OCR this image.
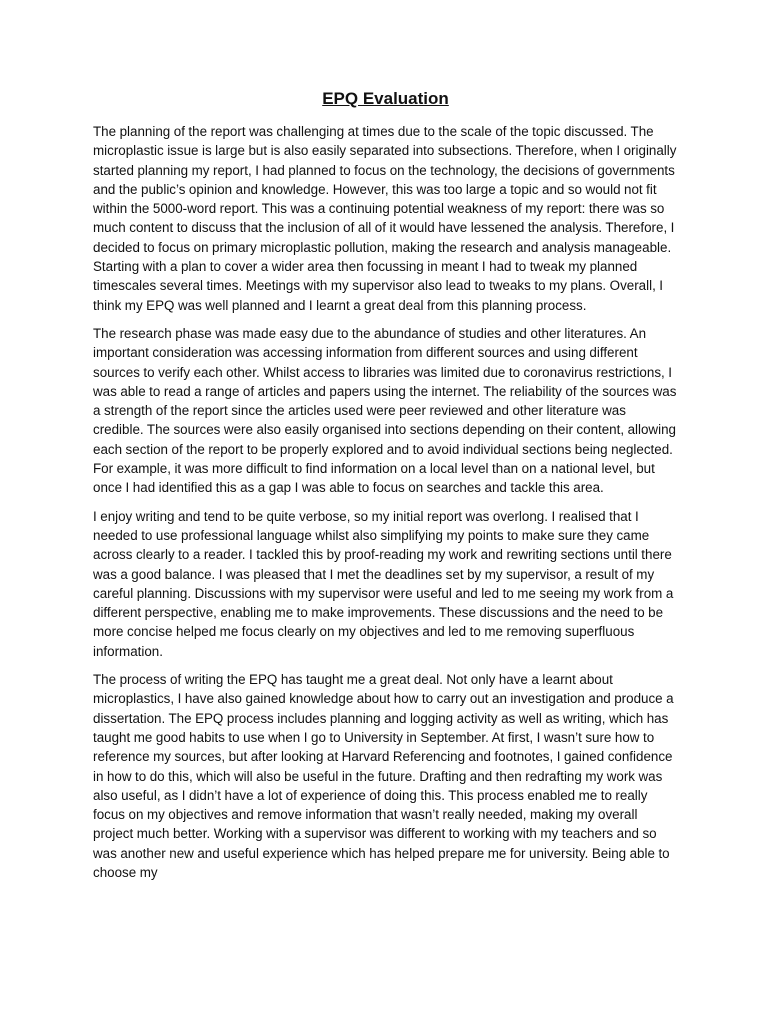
EPQ Evaluation

The planning of the report was challenging at times due to the scale of the topic discussed. The microplastic issue is large but is also easily separated into subsections. Therefore, when I originally started planning my report, I had planned to focus on the technology, the decisions of governments and the public’s opinion and knowledge. However, this was too large a topic and so would not fit within the 5000-word report. This was a continuing potential weakness of my report: there was so much content to discuss that the inclusion of all of it would have lessened the analysis. Therefore, I decided to focus on primary microplastic pollution, making the research and analysis manageable. Starting with a plan to cover a wider area then focussing in meant I had to tweak my planned timescales several times. Meetings with my supervisor also lead to tweaks to my plans. Overall, I think my EPQ was well planned and I learnt a great deal from this planning process.

The research phase was made easy due to the abundance of studies and other literatures. An important consideration was accessing information from different sources and using different sources to verify each other. Whilst access to libraries was limited due to coronavirus restrictions, I was able to read a range of articles and papers using the internet. The reliability of the sources was a strength of the report since the articles used were peer reviewed and other literature was credible. The sources were also easily organised into sections depending on their content, allowing each section of the report to be properly explored and to avoid individual sections being neglected. For example, it was more difficult to find information on a local level than on a national level, but once I had identified this as a gap I was able to focus on searches and tackle this area.

I enjoy writing and tend to be quite verbose, so my initial report was overlong. I realised that I needed to use professional language whilst also simplifying my points to make sure they came across clearly to a reader. I tackled this by proof-reading my work and rewriting sections until there was a good balance. I was pleased that I met the deadlines set by my supervisor, a result of my careful planning. Discussions with my supervisor were useful and led to me seeing my work from a different perspective, enabling me to make improvements. These discussions and the need to be more concise helped me focus clearly on my objectives and led to me removing superfluous information.

The process of writing the EPQ has taught me a great deal. Not only have a learnt about microplastics, I have also gained knowledge about how to carry out an investigation and produce a dissertation. The EPQ process includes planning and logging activity as well as writing, which has taught me good habits to use when I go to University in September. At first, I wasn’t sure how to reference my sources, but after looking at Harvard Referencing and footnotes, I gained confidence in how to do this, which will also be useful in the future. Drafting and then redrafting my work was also useful, as I didn’t have a lot of experience of doing this. This process enabled me to really focus on my objectives and remove information that wasn’t really needed, making my overall project much better. Working with a supervisor was different to working with my teachers and so was another new and useful experience which has helped prepare me for university. Being able to choose my
